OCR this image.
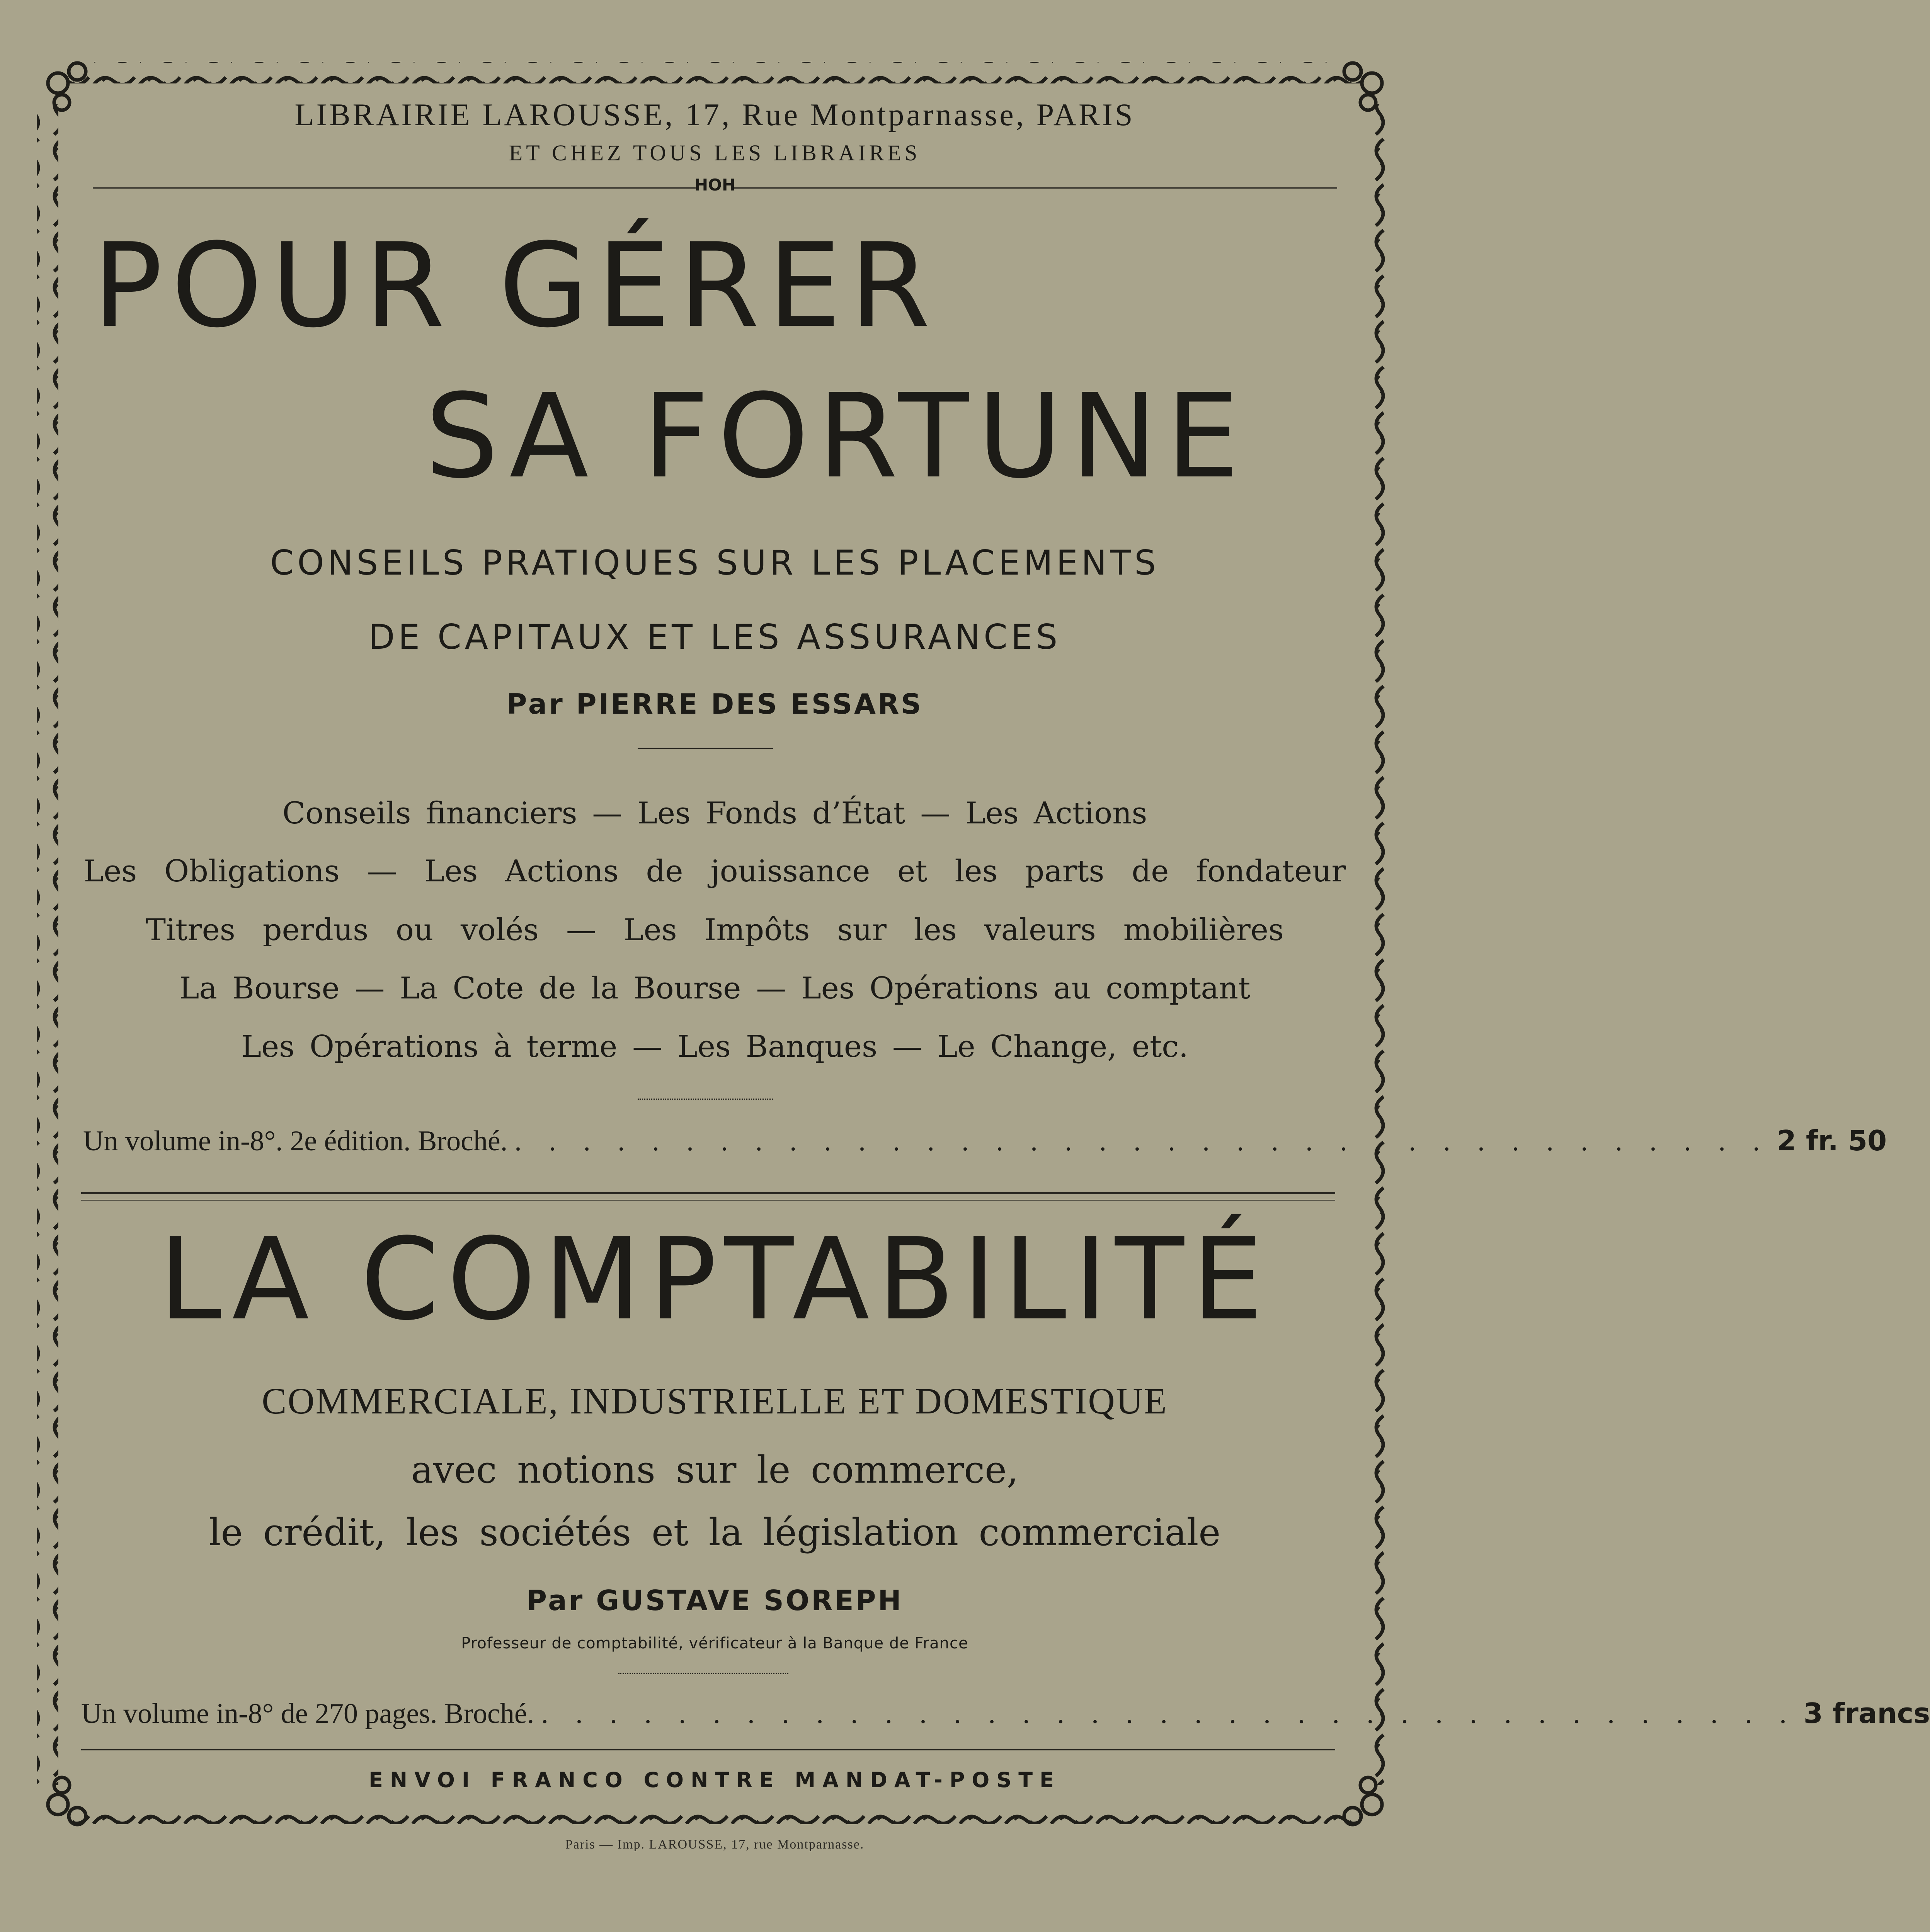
LIBRAIRIE LAROUSSE, 17, Rue Montparnasse, PARIS
ET CHEZ TOUS LES LIBRAIRES
HOH
POUR GÉRER
SA FORTUNE
CONSEILS PRATIQUES SUR LES PLACEMENTS
DE CAPITAUX ET LES ASSURANCES
Par PIERRE DES ESSARS
Conseils financiers — Les Fonds d’État — Les Actions
Les Obligations — Les Actions de jouissance et les parts de fondateur
Titres perdus ou volés — Les Impôts sur les valeurs mobilières
La Bourse — La Cote de la Bourse — Les Opérations au comptant
Les Opérations à terme — Les Banques — Le Change, etc.
Un volume in-8°. 2e édition. Broché. . . . . . . . . . . . . . . . . . . . . . . . . . . . . . . . . . . . . . 2 fr. 50
LA COMPTABILITÉ
COMMERCIALE, INDUSTRIELLE ET DOMESTIQUE
avec notions sur le commerce,
le crédit, les sociétés et la législation commerciale
Par GUSTAVE SOREPH
Professeur de comptabilité, vérificateur à la Banque de France
Un volume in-8° de 270 pages. Broché. . . . . . . . . . . . . . . . . . . . . . . . . . . . . . . . . . . . . . 3 francs
ENVOI FRANCO CONTRE MANDAT-POSTE
Paris — Imp. LAROUSSE, 17, rue Montparnasse.
